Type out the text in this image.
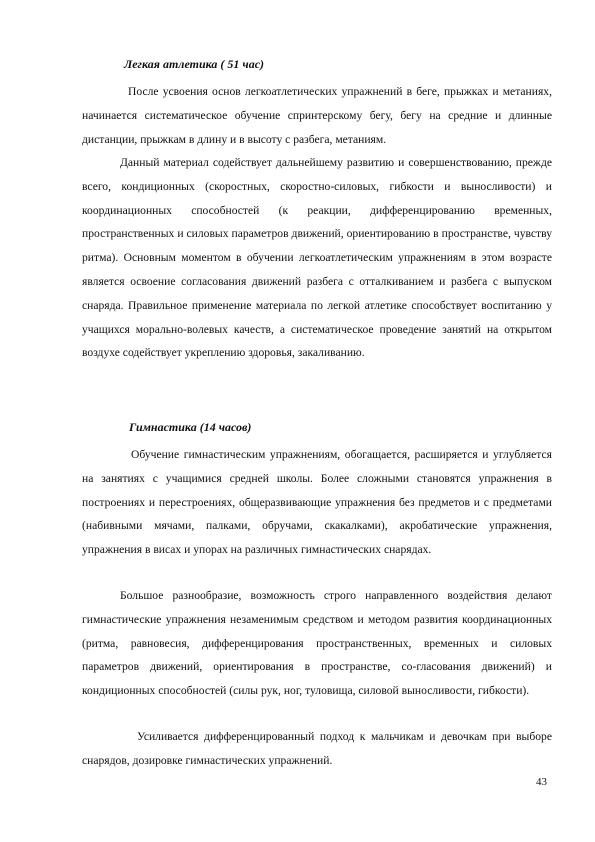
Легкая атлетика ( 51 час)

После усвоения основ легкоатлетических упражнений в беге, прыжках и метаниях, начинается систематическое обучение спринтерскому бегу, бегу на средние и длинные дистанции, прыжкам в длину и в высоту с разбега, метаниям.

Данный материал содействует дальнейшему развитию и совершенствованию, прежде всего, кондиционных (скоростных, скоростно-силовых, гибкости и выносливости) и координационных способностей (к реакции, дифференцированию временных, пространственных и силовых параметров движений, ориентированию в пространстве, чувству ритма). Основным моментом в обучении легкоатлетическим упражнениям в этом возрасте является освоение согласования движений разбега с отталкиванием и разбега с выпуском снаряда. Правильное применение материала по легкой атлетике способствует воспитанию у учащихся морально-волевых качеств, а систематическое проведение занятий на открытом воздухе содействует укреплению здоровья, закаливанию.

Гимнастика (14 часов)

Обучение гимнастическим упражнениям, обогащается, расширяется и углубляется на занятиях с учащимися средней школы. Более сложными становятся упражнения в построениях и перестроениях, общеразвивающие упражнения без предметов и с предметами (набивными мячами, палками, обручами, скакалками), акробатические упражнения, упражнения в висах и упорах на различных гимнастических снарядах.

Большое разнообразие, возможность строго направленного воздействия делают гимнастические упражнения незаменимым средством и методом развития координационных (ритма, равновесия, дифференцирования пространственных, временных и силовых параметров движений, ориентирования в пространстве, со-гласования движений) и кондиционных способностей (силы рук, ног, туловища, силовой выносливости, гибкости).

Усиливается дифференцированный подход к мальчикам и девочкам при выборе снарядов, дозировке гимнастических упражнений.

43
